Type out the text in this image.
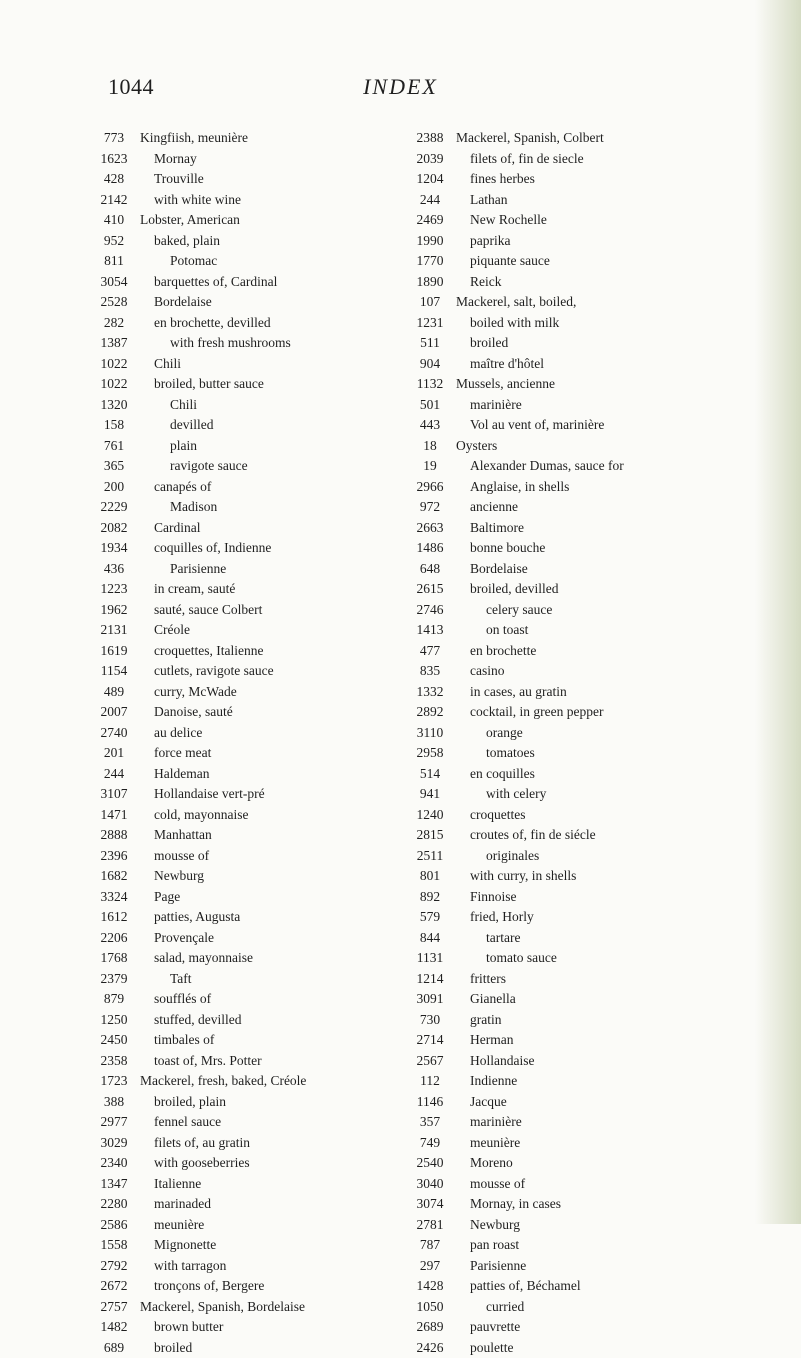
1044	INDEX
773	Kingfiish, meunière
1623	Mornay
428	Trouville
2142	with white wine
410	Lobster, American
952	baked, plain
811	Potomac
3054	barquettes of, Cardinal
2528	Bordelaise
282	en brochette, devilled
1387	with fresh mushrooms
1022	Chili
1022	broiled, butter sauce
1320	Chili
158	devilled
761	plain
365	ravigote sauce
200	canapés of
2229	Madison
2082	Cardinal
1934	coquilles of, Indienne
436	Parisienne
1223	in cream, sauté
1962	sauté, sauce Colbert
2131	Créole
1619	croquettes, Italienne
1154	cutlets, ravigote sauce
489	curry, McWade
2007	Danoise, sauté
2740	au delice
201	force meat
244	Haldeman
3107	Hollandaise vert-pré
1471	cold, mayonnaise
2888	Manhattan
2396	mousse of
1682	Newburg
3324	Page
1612	patties, Augusta
2206	Provençale
1768	salad, mayonnaise
2379	Taft
879	soufflés of
1250	stuffed, devilled
2450	timbales of
2358	toast of, Mrs. Potter
1723 Mackerel, fresh, baked, Créole
388	broiled, plain
2977	fennel sauce
3029	filets of, au gratin
2340	with gooseberries
1347	Italienne
2280	marinaded
2586	meunière
1558	Mignonette
2792	with tarragon
2672	tronçons of, Bergere
2757 Mackerel, Spanish, Bordelaise
1482	brown butter
689	broiled
2388 Mackerel, Spanish, Colbert
2039	filets of, fin de siecle
1204	fines herbes
244	Lathan
2469	New Rochelle
1990	paprika
1770	piquante sauce
1890	Reick
107	Mackerel, salt, boiled,
1231	boiled with milk
511	broiled
904	maître d'hôtel
1132 Mussels, ancienne
501	marinière
443	Vol au vent of, marinière
18	Oysters
19	Alexander Dumas, sauce for
2966	Anglaise, in shells
972	ancienne
2663	Baltimore
1486	bonne bouche
648	Bordelaise
2615	broiled, devilled
2746	celery sauce
1413	on toast
477	en brochette
835	casino
1332	in cases, au gratin
2892	cocktail, in green pepper
3110	orange
2958	tomatoes
514	en coquilles
941	with celery
1240	croquettes
2815	croutes of, fin de siécle
2511	originales
801	with curry, in shells
892	Finnoise
579	fried, Horly
844	tartare
1131	tomato sauce
1214	fritters
3091	Gianella
730	gratin
2714	Herman
2567	Hollandaise
112	Indienne
1146	Jacque
357	marinière
749	meunière
2540	Moreno
3040	mousse of
3074	Mornay, in cases
2781	Newburg
787	pan roast
297	Parisienne
1428	patties of, Béchamel
1050	curried
2689	pauvrette
2426	poulette
